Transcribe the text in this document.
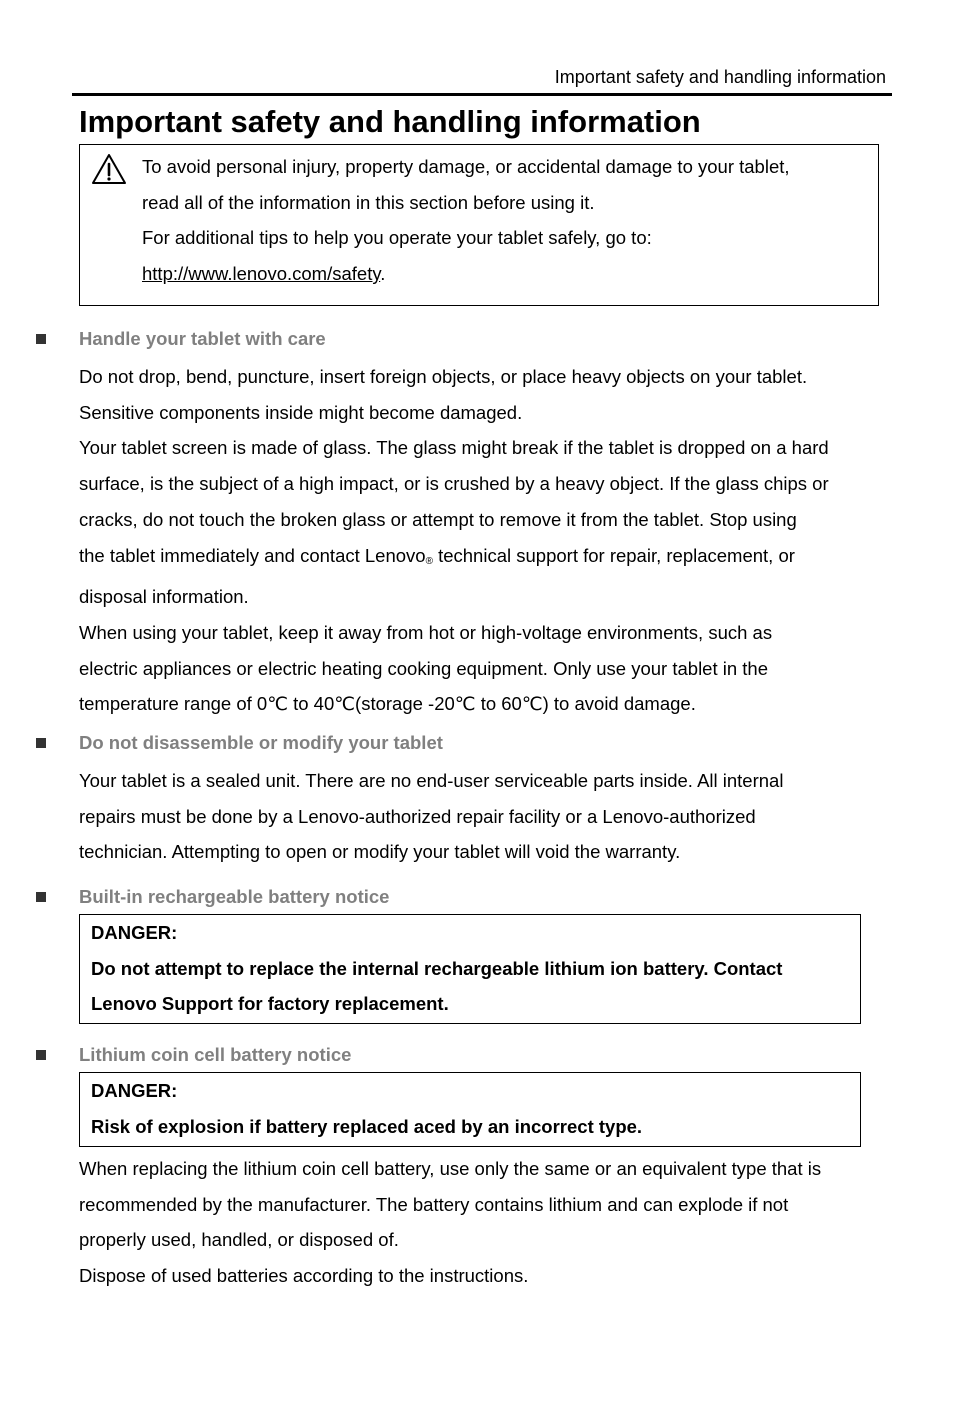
Important safety and handling information
Important safety and handling information
To avoid personal injury, property damage, or accidental damage to your tablet,
read all of the information in this section before using it.
For additional tips to help you operate your tablet safely, go to:
http://www.lenovo.com/safety.
Handle your tablet with care
Do not drop, bend, puncture, insert foreign objects, or place heavy objects on your tablet.
Sensitive components inside might become damaged.
Your tablet screen is made of glass. The glass might break if the tablet is dropped on a hard
surface, is the subject of a high impact, or is crushed by a heavy object. If the glass chips or
cracks, do not touch the broken glass or attempt to remove it from the tablet. Stop using
the tablet immediately and contact Lenovo® technical support for repair, replacement, or
disposal information.
When using your tablet, keep it away from hot or high-voltage environments, such as
electric appliances or electric heating cooking equipment. Only use your tablet in the
temperature range of 0℃ to 40℃(storage -20℃ to 60℃) to avoid damage.
Do not disassemble or modify your tablet
Your tablet is a sealed unit. There are no end-user serviceable parts inside. All internal
repairs must be done by a Lenovo-authorized repair facility or a Lenovo-authorized
technician. Attempting to open or modify your tablet will void the warranty.
Built-in rechargeable battery notice
DANGER:
Do not attempt to replace the internal rechargeable lithium ion battery. Contact
Lenovo Support for factory replacement.
Lithium coin cell battery notice
DANGER:
Risk of explosion if battery replaced aced by an incorrect type.
When replacing the lithium coin cell battery, use only the same or an equivalent type that is
recommended by the manufacturer. The battery contains lithium and can explode if not
properly used, handled, or disposed of.
Dispose of used batteries according to the instructions.
